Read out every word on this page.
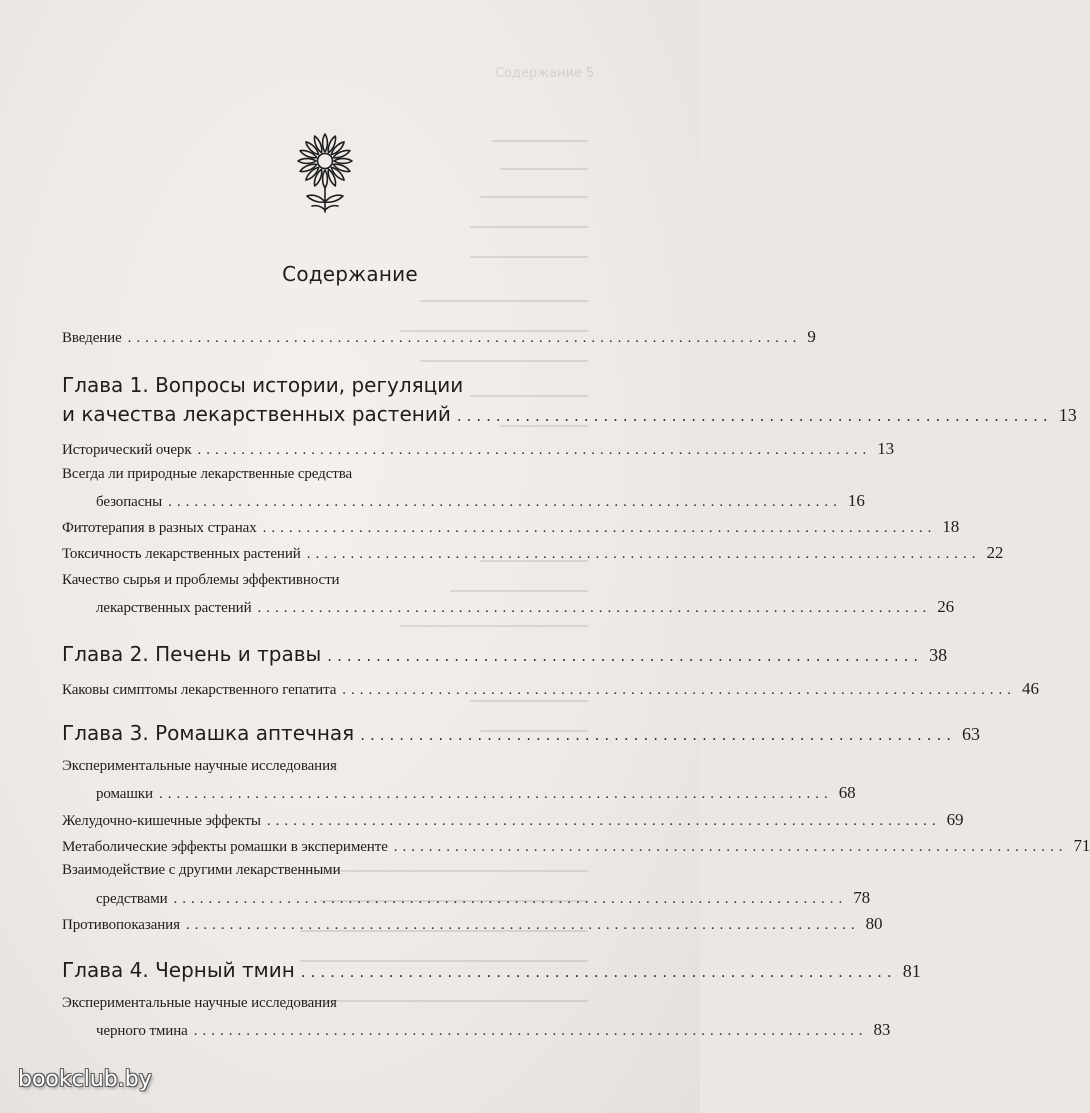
Содержание 5
Содержание
Введение ............................................................................. 9
Глава 1. Вопросы истории, регуляции
и качества лекарственных растений ............................................................. 13
Исторический очерк ............................................................................. 13
Всегда ли природные лекарственные средства
безопасны ............................................................................. 16
Фитотерапия в разных странах ............................................................................. 18
Токсичность лекарственных растений ............................................................................. 22
Качество сырья и проблемы эффективности
лекарственных растений ............................................................................. 26
Глава 2. Печень и травы ............................................................. 38
Каковы симптомы лекарственного гепатита ............................................................................. 46
Глава 3. Ромашка аптечная ............................................................. 63
Экспериментальные научные исследования
ромашки ............................................................................. 68
Желудочно-кишечные эффекты ............................................................................. 69
Метаболические эффекты ромашки в эксперименте ............................................................................. 71
Взаимодействие с другими лекарственными
средствами ............................................................................. 78
Противопоказания ............................................................................. 80
Глава 4. Черный тмин ............................................................. 81
Экспериментальные научные исследования
черного тмина ............................................................................. 83
bookclub.by
